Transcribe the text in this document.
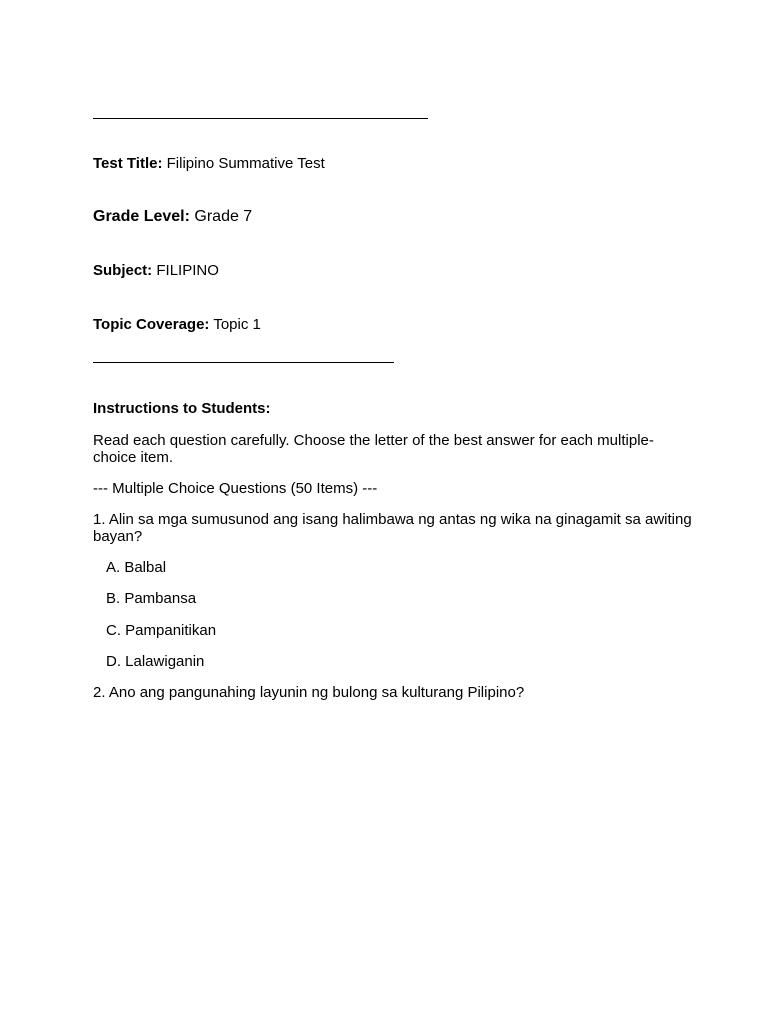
Test Title: Filipino Summative Test
Grade Level: Grade 7
Subject: FILIPINO
Topic Coverage: Topic 1
Instructions to Students:
Read each question carefully. Choose the letter of the best answer for each multiple-choice item.
--- Multiple Choice Questions (50 Items) ---
1. Alin sa mga sumusunod ang isang halimbawa ng antas ng wika na ginagamit sa awiting bayan?
A. Balbal
B. Pambansa
C. Pampanitikan
D. Lalawiganin
2. Ano ang pangunahing layunin ng bulong sa kulturang Pilipino?
